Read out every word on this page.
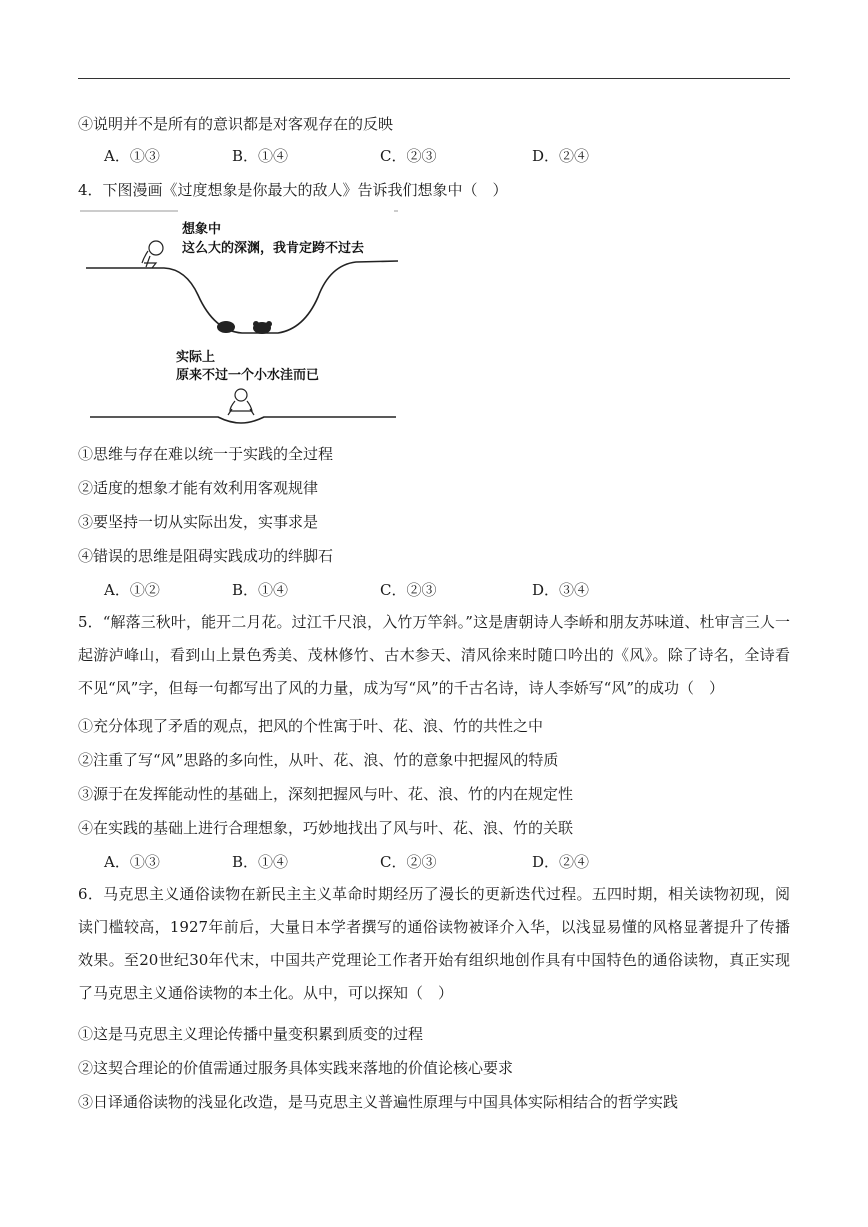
④说明并不是所有的意识都是对客观存在的反映
A．①③	B．①④	C．②③	D．②④
4．下图漫画《过度想象是你最大的敌人》告诉我们想象中（　）
想象中
这么大的深渊，我肯定跨不过去
实际上
原来不过一个小水洼而已
①思维与存在难以统一于实践的全过程
②适度的想象才能有效利用客观规律
③要坚持一切从实际出发，实事求是
④错误的思维是阻碍实践成功的绊脚石
A．①②	B．①④	C．②③	D．③④
5．“解落三秋叶，能开二月花。过江千尺浪，入竹万竿斜。”这是唐朝诗人李峤和朋友苏味道、杜审言三人一起游泸峰山，看到山上景色秀美、茂林修竹、古木参天、清风徐来时随口吟出的《风》。除了诗名，全诗看不见“风”字，但每一句都写出了风的力量，成为写“风”的千古名诗，诗人李娇写“风”的成功（　）
①充分体现了矛盾的观点，把风的个性寓于叶、花、浪、竹的共性之中
②注重了写“风”思路的多向性，从叶、花、浪、竹的意象中把握风的特质
③源于在发挥能动性的基础上，深刻把握风与叶、花、浪、竹的内在规定性
④在实践的基础上进行合理想象，巧妙地找出了风与叶、花、浪、竹的关联
A．①③	B．①④	C．②③	D．②④
6．马克思主义通俗读物在新民主主义革命时期经历了漫长的更新迭代过程。五四时期，相关读物初现，阅读门槛较高，1927年前后，大量日本学者撰写的通俗读物被译介入华，以浅显易懂的风格显著提升了传播效果。至20世纪30年代末，中国共产党理论工作者开始有组织地创作具有中国特色的通俗读物，真正实现了马克思主义通俗读物的本土化。从中，可以探知（　）
①这是马克思主义理论传播中量变积累到质变的过程
②这契合理论的价值需通过服务具体实践来落地的价值论核心要求
③日译通俗读物的浅显化改造，是马克思主义普遍性原理与中国具体实际相结合的哲学实践
